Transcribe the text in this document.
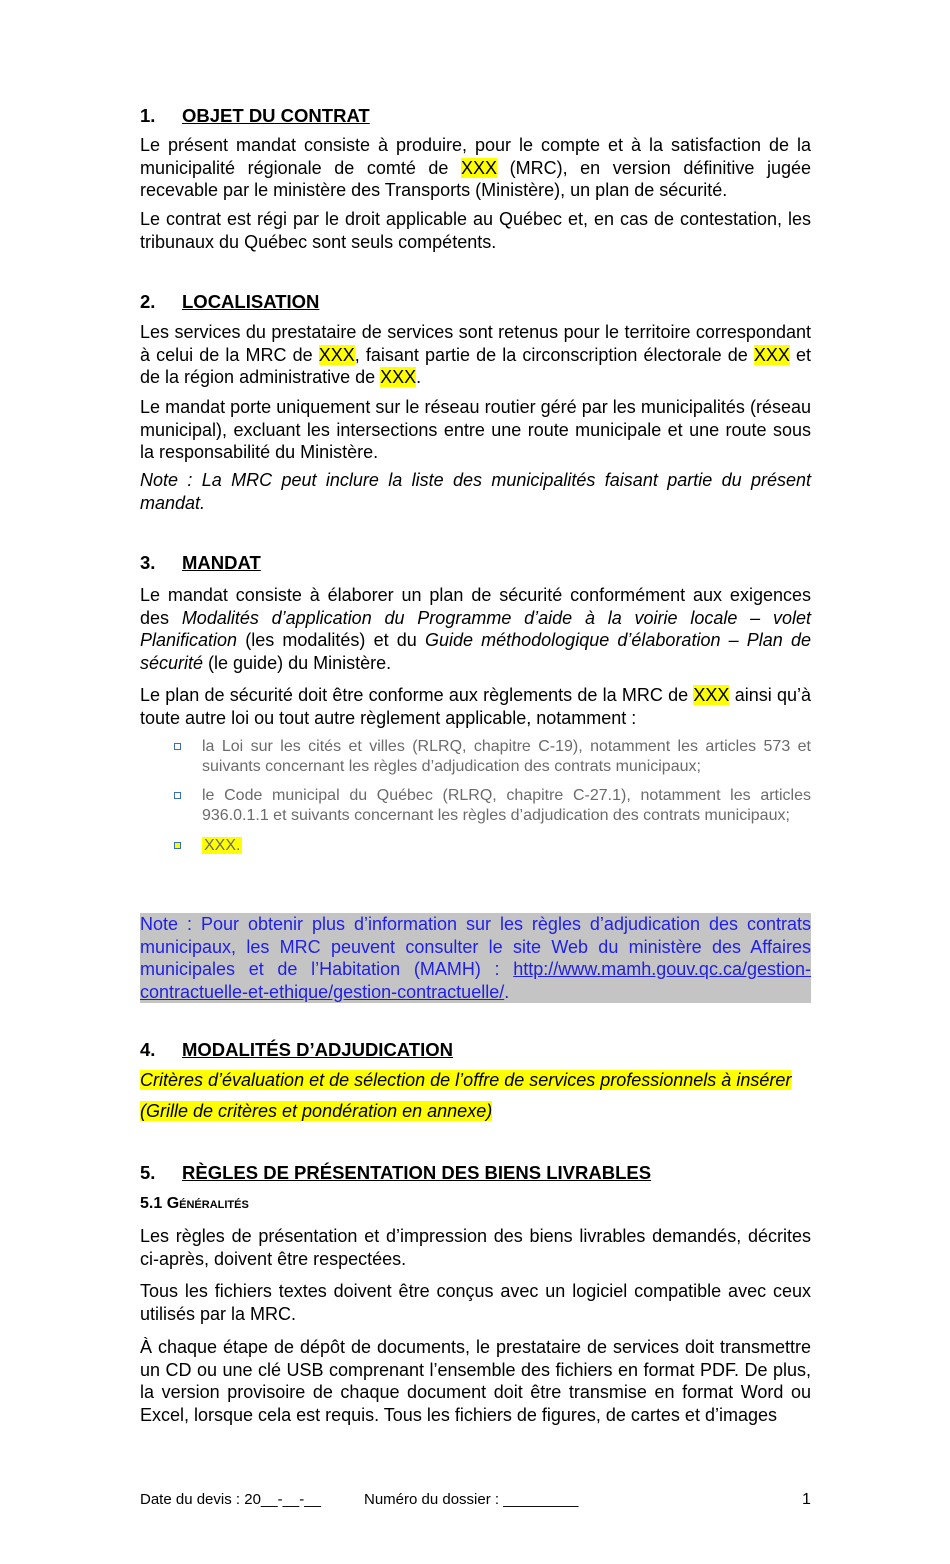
1. OBJET DU CONTRAT
Le présent mandat consiste à produire, pour le compte et à la satisfaction de la municipalité régionale de comté de XXX (MRC), en version définitive jugée recevable par le ministère des Transports (Ministère), un plan de sécurité.
Le contrat est régi par le droit applicable au Québec et, en cas de contestation, les tribunaux du Québec sont seuls compétents.
2. LOCALISATION
Les services du prestataire de services sont retenus pour le territoire correspondant à celui de la MRC de XXX, faisant partie de la circonscription électorale de XXX et de la région administrative de XXX.
Le mandat porte uniquement sur le réseau routier géré par les municipalités (réseau municipal), excluant les intersections entre une route municipale et une route sous la responsabilité du Ministère.
Note : La MRC peut inclure la liste des municipalités faisant partie du présent mandat.
3. MANDAT
Le mandat consiste à élaborer un plan de sécurité conformément aux exigences des Modalités d’application du Programme d’aide à la voirie locale – volet Planification (les modalités) et du Guide méthodologique d’élaboration – Plan de sécurité (le guide) du Ministère.
Le plan de sécurité doit être conforme aux règlements de la MRC de XXX ainsi qu’à toute autre loi ou tout autre règlement applicable, notamment :
la Loi sur les cités et villes (RLRQ, chapitre C-19), notamment les articles 573 et suivants concernant les règles d’adjudication des contrats municipaux;
le Code municipal du Québec (RLRQ, chapitre C-27.1), notamment les articles 936.0.1.1 et suivants concernant les règles d’adjudication des contrats municipaux;
XXX.
Note : Pour obtenir plus d’information sur les règles d’adjudication des contrats municipaux, les MRC peuvent consulter le site Web du ministère des Affaires municipales et de l’Habitation (MAMH) : http://www.mamh.gouv.qc.ca/gestion-contractuelle-et-ethique/gestion-contractuelle/.
4. MODALITÉS D’ADJUDICATION
Critères d’évaluation et de sélection de l’offre de services professionnels à insérer
(Grille de critères et pondération en annexe)
5. RÈGLES DE PRÉSENTATION DES BIENS LIVRABLES
5.1 Généralités
Les règles de présentation et d’impression des biens livrables demandés, décrites ci-après, doivent être respectées.
Tous les fichiers textes doivent être conçus avec un logiciel compatible avec ceux utilisés par la MRC.
À chaque étape de dépôt de documents, le prestataire de services doit transmettre un CD ou une clé USB comprenant l’ensemble des fichiers en format PDF. De plus, la version provisoire de chaque document doit être transmise en format Word ou Excel, lorsque cela est requis. Tous les fichiers de figures, de cartes et d’images
Date du devis : 20__-__-__	Numéro du dossier : _________	1
